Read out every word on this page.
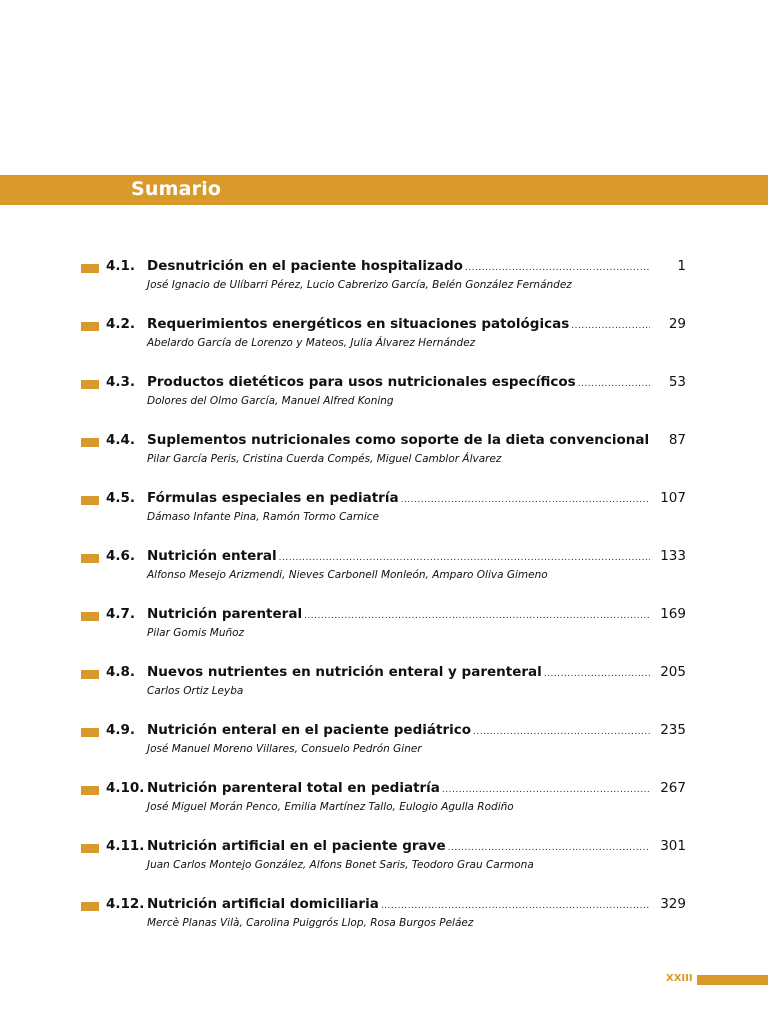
Sumario
4.1. Desnutrición en el paciente hospitalizado .....	1
José Ignacio de Ulíbarri Pérez, Lucio Cabrerizo García, Belén González Fernández
4.2. Requerimientos energéticos en situaciones patológicas .....	29
Abelardo García de Lorenzo y Mateos, Julia Álvarez Hernández
4.3. Productos dietéticos para usos nutricionales específicos .....	53
Dolores del Olmo García, Manuel Alfred Koning
4.4. Suplementos nutricionales como soporte de la dieta convencional 87
Pilar García Peris, Cristina Cuerda Compés, Miguel Camblor Álvarez
4.5. Fórmulas especiales en pediatría .....	107
Dámaso Infante Pina, Ramón Tormo Carnice
4.6. Nutrición enteral .....	133
Alfonso Mesejo Arizmendi, Nieves Carbonell Monleón, Amparo Oliva Gimeno
4.7. Nutrición parenteral .....	169
Pilar Gomis Muñoz
4.8. Nuevos nutrientes en nutrición enteral y parenteral .....	205
Carlos Ortiz Leyba
4.9. Nutrición enteral en el paciente pediátrico .....	235
José Manuel Moreno Villares, Consuelo Pedrón Giner
4.10. Nutrición parenteral total en pediatría .....	267
José Miguel Morán Penco, Emilia Martínez Tallo, Eulogio Agulla Rodiño
4.11. Nutrición artificial en el paciente grave .....	301
Juan Carlos Montejo González, Alfons Bonet Saris, Teodoro Grau Carmona
4.12. Nutrición artificial domiciliaria .....	329
Mercè Planas Vilà, Carolina Puiggrós Llop, Rosa Burgos Peláez
XXIII
